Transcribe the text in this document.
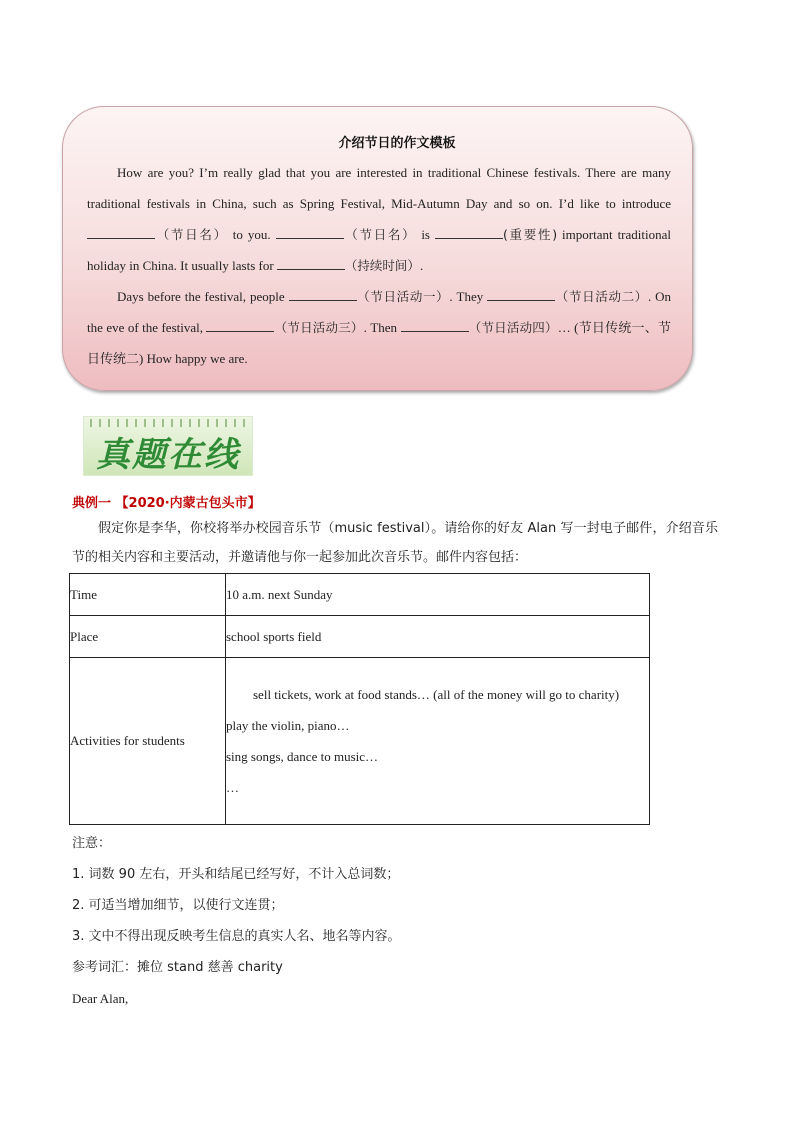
介绍节日的作文模板

How are you? I’m really glad that you are interested in traditional Chinese festivals. There are many traditional festivals in China, such as Spring Festival, Mid-Autumn Day and so on. I’d like to introduce （节日名） to you.	（节日名） is	(重要性) important traditional holiday in China. It usually lasts for	（持续时间）.

Days before the festival, people	（节日活动一）. They	（节日活动二）. On the eve of the festival,	（节日活动三）. Then	（节日活动四）… (节日传统一、节日传统二) How happy we are.

真题在线
典例一 【2020·内蒙古包头市】

假定你是李华，你校将举办校园音乐节（music festival）。请给你的好友 Alan 写一封电子邮件，介绍音乐节的相关内容和主要活动，并邀请他与你一起参加此次音乐节。邮件内容包括：

Time	10 a.m. next Sunday
Place	school sports field
Activities for students	sell tickets, work at food stands… (all of the money will go to charity)
play the violin, piano…
sing songs, dance to music…
…
注意：
1. 词数 90 左右，开头和结尾已经写好，不计入总词数；
2. 可适当增加细节，以使行文连贯；
3. 文中不得出现反映考生信息的真实人名、地名等内容。
参考词汇：摊位 stand 慈善 charity
Dear Alan,
